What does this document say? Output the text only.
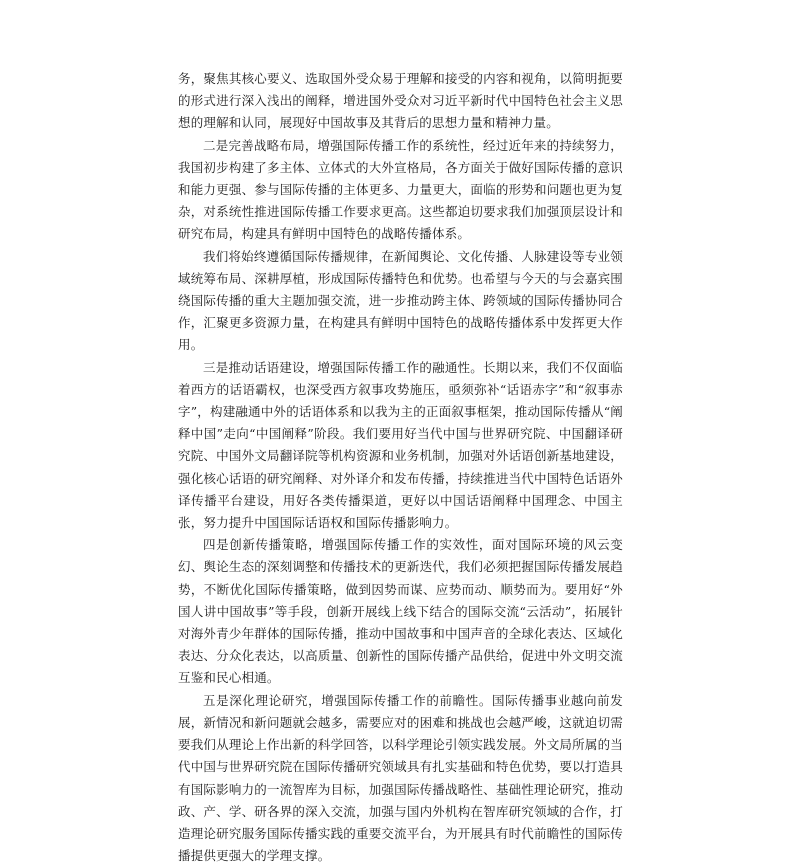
务，聚焦其核心要义、选取国外受众易于理解和接受的内容和视角，以简明扼要的形式进行深入浅出的阐释，增进国外受众对习近平新时代中国特色社会主义思想的理解和认同，展现好中国故事及其背后的思想力量和精神力量。

二是完善战略布局，增强国际传播工作的系统性，经过近年来的持续努力，我国初步构建了多主体、立体式的大外宣格局，各方面关于做好国际传播的意识和能力更强、参与国际传播的主体更多、力量更大，面临的形势和问题也更为复杂，对系统性推进国际传播工作要求更高。这些都迫切要求我们加强顶层设计和研究布局，构建具有鲜明中国特色的战略传播体系。

我们将始终遵循国际传播规律，在新闻舆论、文化传播、人脉建设等专业领域统筹布局、深耕厚植，形成国际传播特色和优势。也希望与今天的与会嘉宾围绕国际传播的重大主题加强交流，进一步推动跨主体、跨领域的国际传播协同合作，汇聚更多资源力量，在构建具有鲜明中国特色的战略传播体系中发挥更大作用。

三是推动话语建设，增强国际传播工作的融通性。长期以来，我们不仅面临着西方的话语霸权，也深受西方叙事攻势施压，亟须弥补“话语赤字”和“叙事赤字”，构建融通中外的话语体系和以我为主的正面叙事框架，推动国际传播从“阐释中国”走向“中国阐释”阶段。我们要用好当代中国与世界研究院、中国翻译研究院、中国外文局翻译院等机构资源和业务机制，加强对外话语创新基地建设，强化核心话语的研究阐释、对外译介和发布传播，持续推进当代中国特色话语外译传播平台建设，用好各类传播渠道，更好以中国话语阐释中国理念、中国主张，努力提升中国国际话语权和国际传播影响力。

四是创新传播策略，增强国际传播工作的实效性，面对国际环境的风云变幻、舆论生态的深刻调整和传播技术的更新迭代，我们必须把握国际传播发展趋势，不断优化国际传播策略，做到因势而谋、应势而动、顺势而为。要用好“外国人讲中国故事”等手段，创新开展线上线下结合的国际交流“云活动”，拓展针对海外青少年群体的国际传播，推动中国故事和中国声音的全球化表达、区域化表达、分众化表达，以高质量、创新性的国际传播产品供给，促进中外文明交流互鉴和民心相通。

五是深化理论研究，增强国际传播工作的前瞻性。国际传播事业越向前发展，新情况和新问题就会越多，需要应对的困难和挑战也会越严峻，这就迫切需要我们从理论上作出新的科学回答，以科学理论引领实践发展。外文局所属的当代中国与世界研究院在国际传播研究领域具有扎实基础和特色优势，要以打造具有国际影响力的一流智库为目标，加强国际传播战略性、基础性理论研究，推动政、产、学、研各界的深入交流，加强与国内外机构在智库研究领域的合作，打造理论研究服务国际传播实践的重要交流平台，为开展具有时代前瞻性的国际传播提供更强大的学理支撑。
